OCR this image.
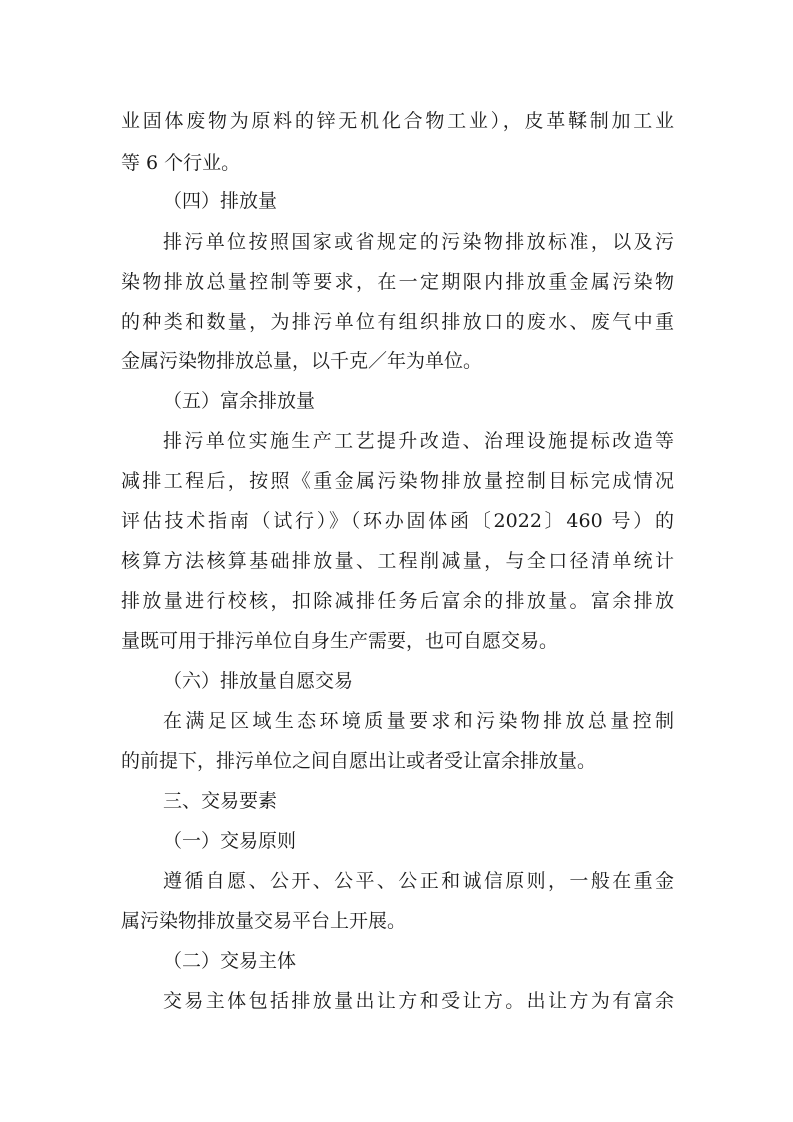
业固体废物为原料的锌无机化合物工业），皮革鞣制加工业
等 6 个行业。
（四）排放量
排污单位按照国家或省规定的污染物排放标准，以及污
染物排放总量控制等要求，在一定期限内排放重金属污染物
的种类和数量，为排污单位有组织排放口的废水、废气中重
金属污染物排放总量，以千克／年为单位。
（五）富余排放量
排污单位实施生产工艺提升改造、治理设施提标改造等
减排工程后，按照《重金属污染物排放量控制目标完成情况
评估技术指南（试行）》（环办固体函〔2022〕460 号）的
核算方法核算基础排放量、工程削减量，与全口径清单统计
排放量进行校核，扣除减排任务后富余的排放量。富余排放
量既可用于排污单位自身生产需要，也可自愿交易。
（六）排放量自愿交易
在满足区域生态环境质量要求和污染物排放总量控制
的前提下，排污单位之间自愿出让或者受让富余排放量。
三、交易要素
（一）交易原则
遵循自愿、公开、公平、公正和诚信原则，一般在重金
属污染物排放量交易平台上开展。
（二）交易主体
交易主体包括排放量出让方和受让方。出让方为有富余
